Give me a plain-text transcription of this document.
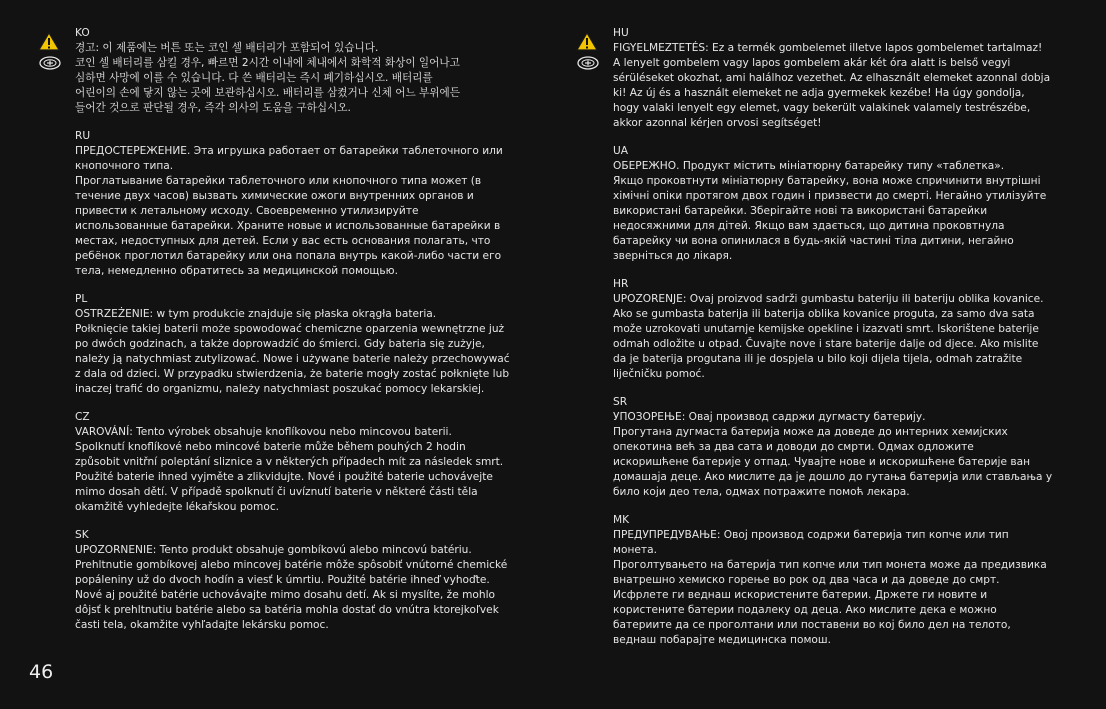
KO
경고: 이 제품에는 버튼 또는 코인 셀 배터리가 포함되어 있습니다.
코인 셀 배터리를 삼킬 경우, 빠르면 2시간 이내에 체내에서 화학적 화상이 일어나고
심하면 사망에 이를 수 있습니다. 다 쓴 배터리는 즉시 폐기하십시오. 배터리를
어린이의 손에 닿지 않는 곳에 보관하십시오. 배터리를 삼켰거나 신체 어느 부위에든
들어간 것으로 판단될 경우, 즉각 의사의 도움을 구하십시오.
RU
ПРЕДОСТЕРЕЖЕНИЕ. Эта игрушка работает от батарейки таблеточного или
кнопочного типа.
Проглатывание батарейки таблеточного или кнопочного типа может (в
течение двух часов) вызвать химические ожоги внутренних органов и
привести к летальному исходу. Своевременно утилизируйте
использованные батарейки. Храните новые и использованные батарейки в
местах, недоступных для детей. Если у вас есть основания полагать, что
ребёнок проглотил батарейку или она попала внутрь какой-либо части его
тела, немедленно обратитесь за медицинской помощью.
PL
OSTRZEŻENIE: w tym produkcie znajduje się płaska okrągła bateria.
Połknięcie takiej baterii może spowodować chemiczne oparzenia wewnętrzne już
po dwóch godzinach, a także doprowadzić do śmierci. Gdy bateria się zużyje,
należy ją natychmiast zutylizować. Nowe i używane baterie należy przechowywać
z dala od dzieci. W przypadku stwierdzenia, że baterie mogły zostać połknięte lub
inaczej trafić do organizmu, należy natychmiast poszukać pomocy lekarskiej.
CZ
VAROVÁNÍ: Tento výrobek obsahuje knoflíkovou nebo mincovou baterii.
Spolknutí knoflíkové nebo mincové baterie může během pouhých 2 hodin
způsobit vnitřní poleptání sliznice a v některých případech mít za následek smrt.
Použité baterie ihned vyjměte a zlikvidujte. Nové i použité baterie uchovávejte
mimo dosah dětí. V případě spolknutí či uvíznutí baterie v některé části těla
okamžitě vyhledejte lékařskou pomoc.
SK
UPOZORNENIE: Tento produkt obsahuje gombíkovú alebo mincovú batériu.
Prehltnutie gombíkovej alebo mincovej batérie môže spôsobiť vnútorné chemické
popáleniny už do dvoch hodín a viesť k úmrtiu. Použité batérie ihneď vyhoďte.
Nové aj použité batérie uchovávajte mimo dosahu detí. Ak si myslíte, že mohlo
dôjsť k prehltnutiu batérie alebo sa batéria mohla dostať do vnútra ktorejkoľvek
časti tela, okamžite vyhľadajte lekársku pomoc.
HU
FIGYELMEZTETÉS: Ez a termék gombelemet illetve lapos gombelemet tartalmaz!
A lenyelt gombelem vagy lapos gombelem akár két óra alatt is belső vegyi
sérüléseket okozhat, ami halálhoz vezethet. Az elhasznált elemeket azonnal dobja
ki! Az új és a használt elemeket ne adja gyermekek kezébe! Ha úgy gondolja,
hogy valaki lenyelt egy elemet, vagy bekerült valakinek valamely testrészébe,
akkor azonnal kérjen orvosi segítséget!
UA
ОБЕРЕЖНО. Продукт містить мініатюрну батарейку типу «таблетка».
Якщо проковтнути мініатюрну батарейку, вона може спричинити внутрішні
хімічні опіки протягом двох годин і призвести до смерті. Негайно утилізуйте
використані батарейки. Зберігайте нові та використані батарейки
недосяжними для дітей. Якщо вам здається, що дитина проковтнула
батарейку чи вона опинилася в будь-якій частині тіла дитини, негайно
зверніться до лікаря.
HR
UPOZORENJE: Ovaj proizvod sadrži gumbastu bateriju ili bateriju oblika kovanice.
Ako se gumbasta baterija ili baterija oblika kovanice proguta, za samo dva sata
može uzrokovati unutarnje kemijske opekline i izazvati smrt. Iskorištene baterije
odmah odložite u otpad. Čuvajte nove i stare baterije dalje od djece. Ako mislite
da je baterija progutana ili je dospjela u bilo koji dijela tijela, odmah zatražite
liječničku pomoć.
SR
УПОЗОРЕЊЕ: Овај производ садржи дугмасту батерију.
Прогутана дугмаста батерија може да доведе до интерних хемијских
опекотина већ за два сата и доводи до смрти. Одмах одложите
искоришћене батерије у отпад. Чувајте нове и искоришћене батерије ван
домашаја деце. Ако мислите да је дошло до гутања батерија или стављања у
било који део тела, одмах потражите помоћ лекара.
MK
ПРЕДУПРЕДУВАЊЕ: Овој производ содржи батерија тип копче или тип
монета.
Проголтувањето на батерија тип копче или тип монета може да предизвика
внатрешно хемиско горење во рок од два часа и да доведе до смрт.
Исфрлете ги веднаш искористените батерии. Држете ги новите и
користените батерии подалеку од деца. Ако мислите дека е можно
батериите да се проголтани или поставени во кој било дел на телото,
веднаш побарајте медицинска помош.
46
